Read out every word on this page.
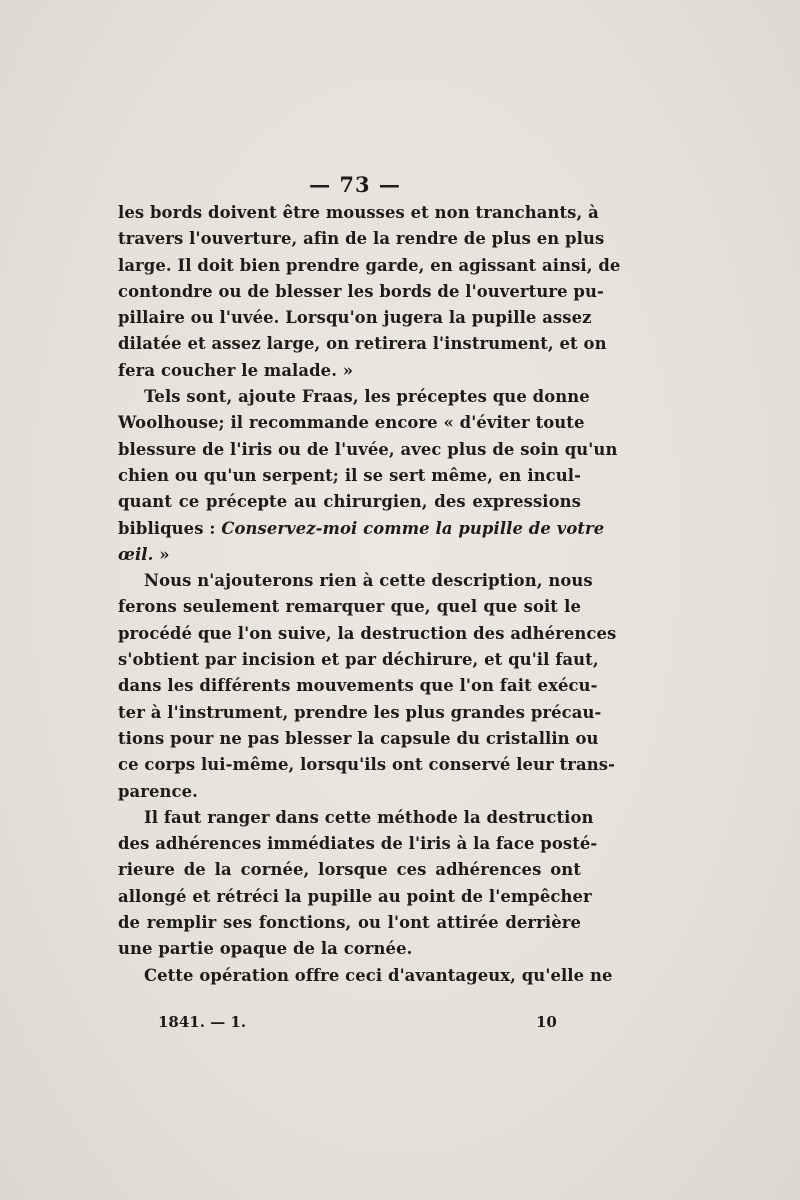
— 73 —
les bords doivent être mousses et non tranchants, à
travers l'ouverture, afin de la rendre de plus en plus
large. Il doit bien prendre garde, en agissant ainsi, de
contondre ou de blesser les bords de l'ouverture pu-
pillaire ou l'uvée. Lorsqu'on jugera la pupille assez
dilatée et assez large, on retirera l'instrument, et on
fera coucher le malade. »
Tels sont, ajoute Fraas, les préceptes que donne
Woolhouse; il recommande encore « d'éviter toute
blessure de l'iris ou de l'uvée, avec plus de soin qu'un
chien ou qu'un serpent; il se sert même, en incul-
quant ce précepte au chirurgien, des expressions
bibliques : Conservez-moi comme la pupille de votre
œil. »
Nous n'ajouterons rien à cette description, nous
ferons seulement remarquer que, quel que soit le
procédé que l'on suive, la destruction des adhérences
s'obtient par incision et par déchirure, et qu'il faut,
dans les différents mouvements que l'on fait exécu-
ter à l'instrument, prendre les plus grandes précau-
tions pour ne pas blesser la capsule du cristallin ou
ce corps lui-même, lorsqu'ils ont conservé leur trans-
parence.
Il faut ranger dans cette méthode la destruction
des adhérences immédiates de l'iris à la face posté-
rieure de la cornée, lorsque ces adhérences ont
allongé et rétréci la pupille au point de l'empêcher
de remplir ses fonctions, ou l'ont attirée derrière
une partie opaque de la cornée.
Cette opération offre ceci d'avantageux, qu'elle ne
1841. — 1.	10
